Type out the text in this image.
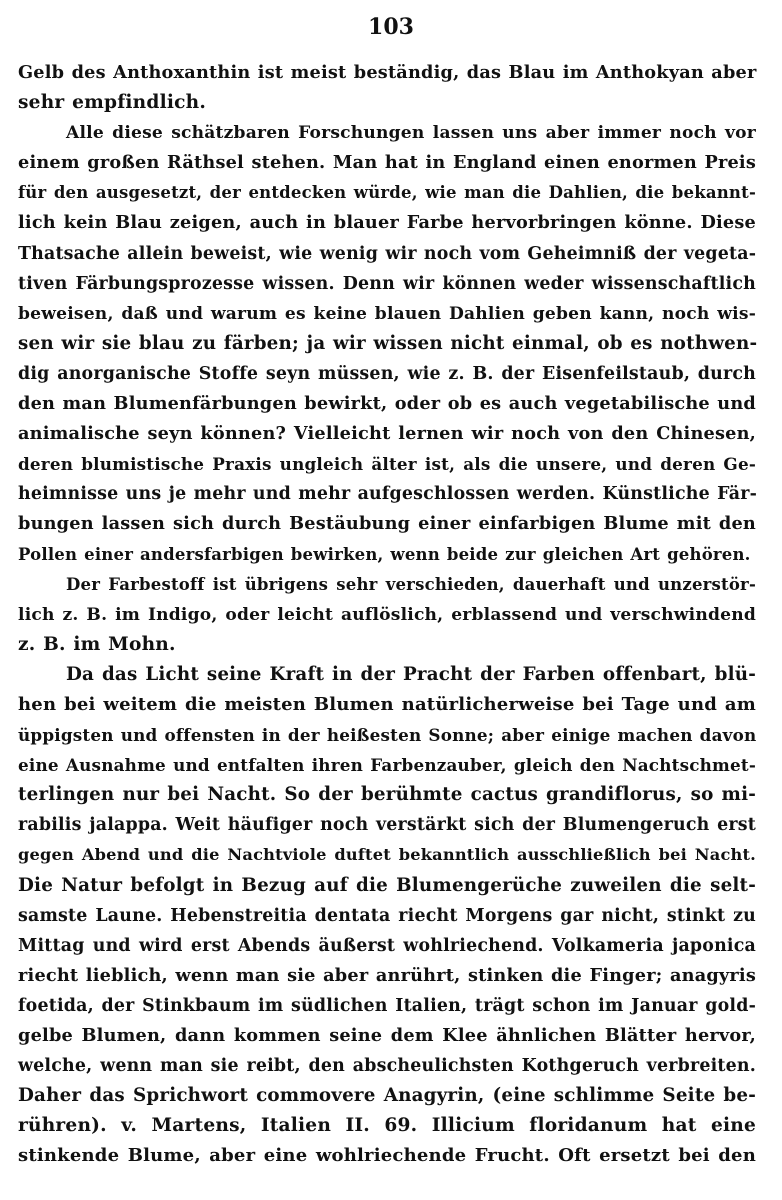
103
Gelb des Anthoxanthin ist meist beständig, das Blau im Anthokyan aber
sehr empfindlich.
Alle diese schätzbaren Forschungen lassen uns aber immer noch vor
einem großen Räthsel stehen. Man hat in England einen enormen Preis
für den ausgesetzt, der entdecken würde, wie man die Dahlien, die bekannt-
lich kein Blau zeigen, auch in blauer Farbe hervorbringen könne. Diese
Thatsache allein beweist, wie wenig wir noch vom Geheimniß der vegeta-
tiven Färbungsprozesse wissen. Denn wir können weder wissenschaftlich
beweisen, daß und warum es keine blauen Dahlien geben kann, noch wis-
sen wir sie blau zu färben; ja wir wissen nicht einmal, ob es nothwen-
dig anorganische Stoffe seyn müssen, wie z. B. der Eisenfeilstaub, durch
den man Blumenfärbungen bewirkt, oder ob es auch vegetabilische und
animalische seyn können? Vielleicht lernen wir noch von den Chinesen,
deren blumistische Praxis ungleich älter ist, als die unsere, und deren Ge-
heimnisse uns je mehr und mehr aufgeschlossen werden. Künstliche Fär-
bungen lassen sich durch Bestäubung einer einfarbigen Blume mit den
Pollen einer andersfarbigen bewirken, wenn beide zur gleichen Art gehören.
Der Farbestoff ist übrigens sehr verschieden, dauerhaft und unzerstör-
lich z. B. im Indigo, oder leicht auflöslich, erblassend und verschwindend
z. B. im Mohn.
Da das Licht seine Kraft in der Pracht der Farben offenbart, blü-
hen bei weitem die meisten Blumen natürlicherweise bei Tage und am
üppigsten und offensten in der heißesten Sonne; aber einige machen davon
eine Ausnahme und entfalten ihren Farbenzauber, gleich den Nachtschmet-
terlingen nur bei Nacht. So der berühmte cactus grandiflorus, so mi-
rabilis jalappa. Weit häufiger noch verstärkt sich der Blumengeruch erst
gegen Abend und die Nachtviole duftet bekanntlich ausschließlich bei Nacht.
Die Natur befolgt in Bezug auf die Blumengerüche zuweilen die selt-
samste Laune. Hebenstreitia dentata riecht Morgens gar nicht, stinkt zu
Mittag und wird erst Abends äußerst wohlriechend. Volkameria japonica
riecht lieblich, wenn man sie aber anrührt, stinken die Finger; anagyris
foetida, der Stinkbaum im südlichen Italien, trägt schon im Januar gold-
gelbe Blumen, dann kommen seine dem Klee ähnlichen Blätter hervor,
welche, wenn man sie reibt, den abscheulichsten Kothgeruch verbreiten.
Daher das Sprichwort commovere Anagyrin, (eine schlimme Seite be-
rühren). v. Martens, Italien II. 69. Illicium floridanum hat eine
stinkende Blume, aber eine wohlriechende Frucht. Oft ersetzt bei den
